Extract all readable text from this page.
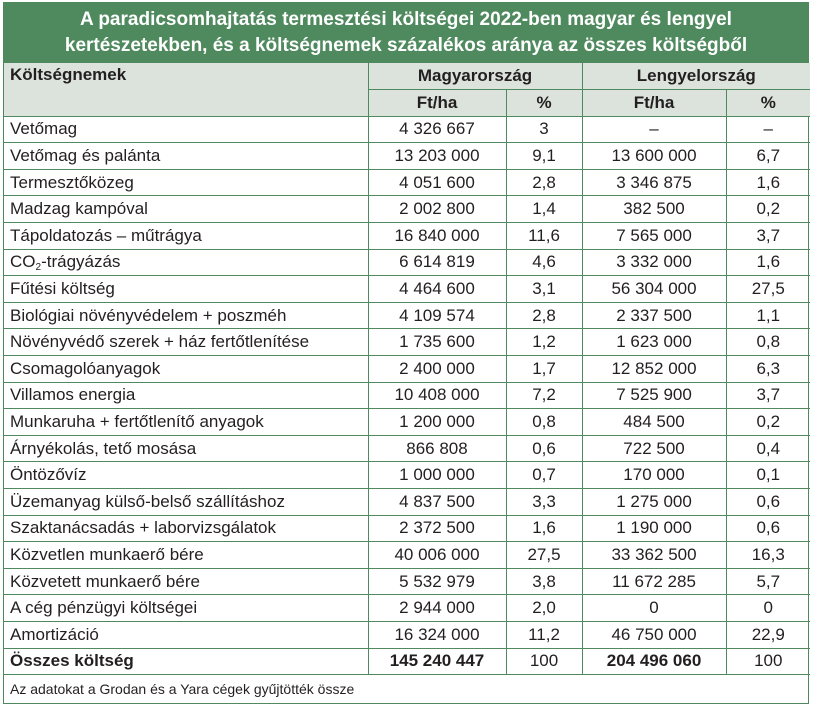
A paradicsomhajtatás termesztési költségei 2022-ben magyar és lengyel kertészetekben, és a költségnemek százalékos aránya az összes költségből
Költségnemek	Magyarország		Lengyelország	
	Ft/ha	%	Ft/ha	%
Vetőmag	4 326 667	3	–	–
Vetőmag és palánta	13 203 000	9,1	13 600 000	6,7
Termesztőközeg	4 051 600	2,8	3 346 875	1,6
Madzag kampóval	2 002 800	1,4	382 500	0,2
Tápoldatozás – műtrágya	16 840 000	11,6	7 565 000	3,7
$CO_2$-trágyázás	6 614 819	4,6	3 332 000	1,6
Fűtési költség	4 464 600	3,1	56 304 000	27,5
Biológiai növényvédelem + poszméh	4 109 574	2,8	2 337 500	1,1
Növényvédő szerek + ház fertőtlenítése	1 735 600	1,2	1 623 000	0,8
Csomagolóanyagok	2 400 000	1,7	12 852 000	6,3
Villamos energia	10 408 000	7,2	7 525 900	3,7
Munkaruha + fertőtlenítő anyagok	1 200 000	0,8	484 500	0,2
Árnyékolás, tető mosása	866 808	0,6	722 500	0,4
Öntözővíz	1 000 000	0,7	170 000	0,1
Üzemanyag külső-belső szállításhoz	4 837 500	3,3	1 275 000	0,6
Szaktanácsadás + laborvizsgálatok	2 372 500	1,6	1 190 000	0,6
Közvetlen munkaerő bére	40 006 000	27,5	33 362 500	16,3
Közvetett munkaerő bére	5 532 979	3,8	11 672 285	5,7
A cég pénzügyi költségei	2 944 000	2,0	0	0
Amortizáció	16 324 000	11,2	46 750 000	22,9
Összes költség	145 240 447	100	204 496 060	100
Az adatokat a Grodan és a Yara cégek gyűjtötték össze				
